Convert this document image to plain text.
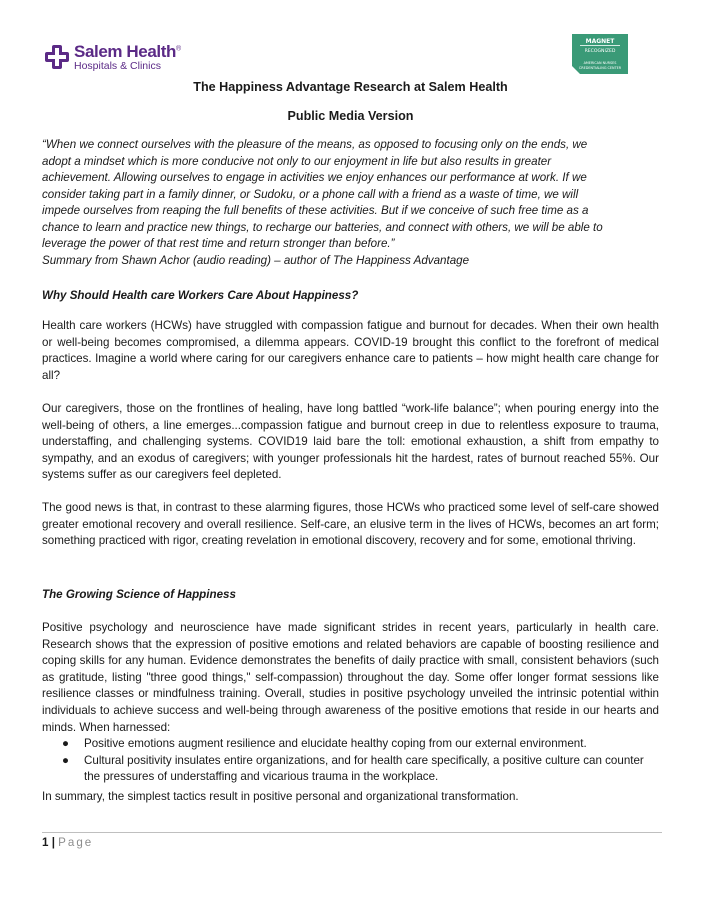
Salem Health®
Hospitals & Clinics
MAGNET
RECOGNIZED
AMERICAN NURSES
CREDENTIALING CENTER
The Happiness Advantage Research at Salem Health
Public Media Version
“When we connect ourselves with the pleasure of the means, as opposed to focusing only on the ends, we
adopt a mindset which is more conducive not only to our enjoyment in life but also results in greater
achievement. Allowing ourselves to engage in activities we enjoy enhances our performance at work. If we
consider taking part in a family dinner, or Sudoku, or a phone call with a friend as a waste of time, we will
impede ourselves from reaping the full benefits of these activities. But if we conceive of such free time as a
chance to learn and practice new things, to recharge our batteries, and connect with others, we will be able to
leverage the power of that rest time and return stronger than before.”
Summary from Shawn Achor (audio reading) – author of The Happiness Advantage
Why Should Health care Workers Care About Happiness?
Health care workers (HCWs) have struggled with compassion fatigue and burnout for decades. When their own health or well-being becomes compromised, a dilemma appears. COVID-19 brought this conflict to the forefront of medical practices. Imagine a world where caring for our caregivers enhance care to patients – how might health care change for all?
Our caregivers, those on the frontlines of healing, have long battled “work-life balance”; when pouring energy into the well-being of others, a line emerges...compassion fatigue and burnout creep in due to relentless exposure to trauma, understaffing, and challenging systems. COVID19 laid bare the toll: emotional exhaustion, a shift from empathy to sympathy, and an exodus of caregivers; with younger professionals hit the hardest, rates of burnout reached 55%. Our systems suffer as our caregivers feel depleted.
The good news is that, in contrast to these alarming figures, those HCWs who practiced some level of self-care showed greater emotional recovery and overall resilience. Self-care, an elusive term in the lives of HCWs, becomes an art form; something practiced with rigor, creating revelation in emotional discovery, recovery and for some, emotional thriving.
The Growing Science of Happiness
Positive psychology and neuroscience have made significant strides in recent years, particularly in health care. Research shows that the expression of positive emotions and related behaviors are capable of boosting resilience and coping skills for any human. Evidence demonstrates the benefits of daily practice with small, consistent behaviors (such as gratitude, listing "three good things," self-compassion) throughout the day. Some offer longer format sessions like resilience classes or mindfulness training. Overall, studies in positive psychology unveiled the intrinsic potential within individuals to achieve success and well-being through awareness of the positive emotions that reside in our hearts and minds. When harnessed:
● Positive emotions augment resilience and elucidate healthy coping from our external environment.
● Cultural positivity insulates entire organizations, and for health care specifically, a positive culture can counter the pressures of understaffing and vicarious trauma in the workplace.
In summary, the simplest tactics result in positive personal and organizational transformation.
1 | Page
